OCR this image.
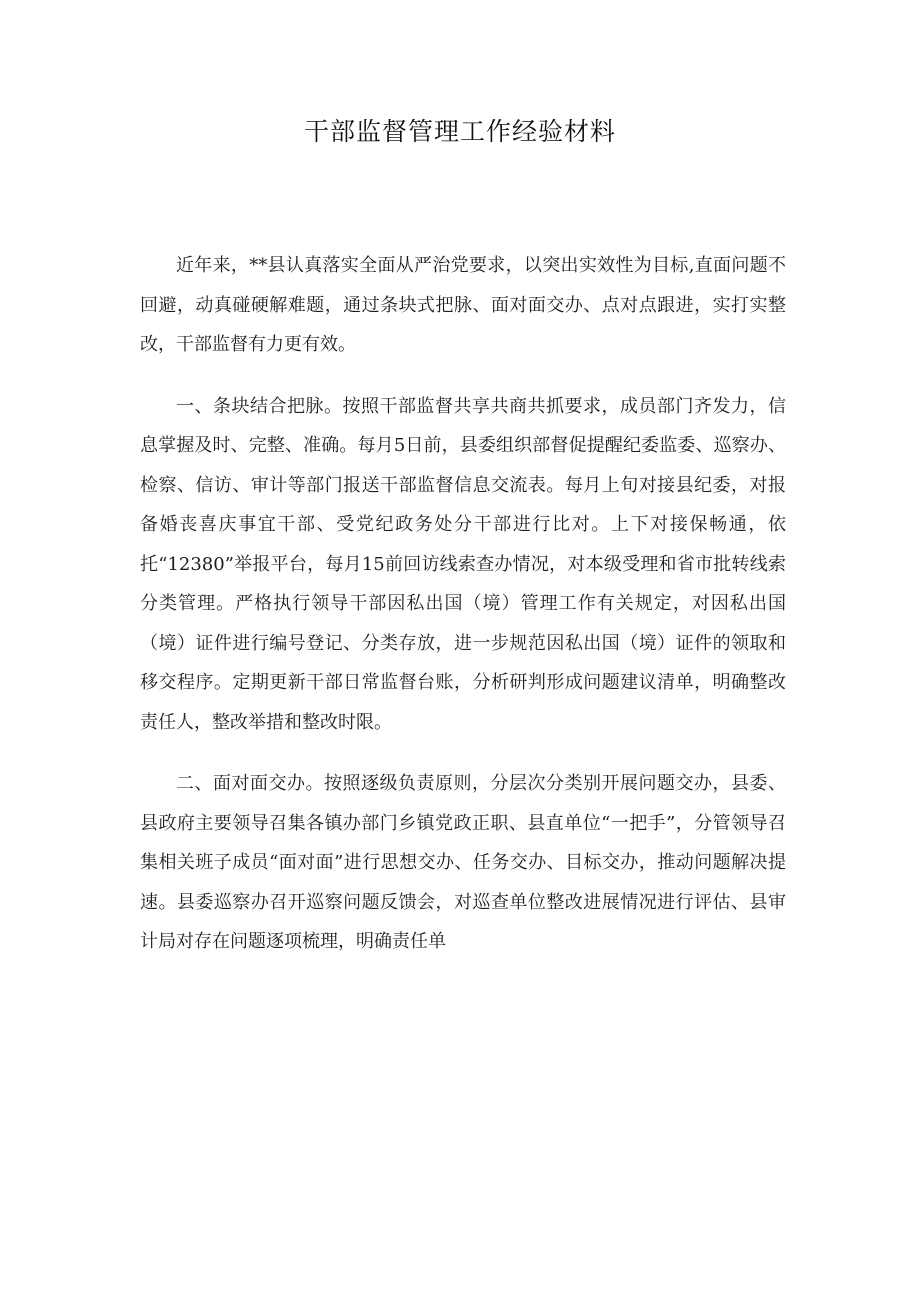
干部监督管理工作经验材料

近年来，**县认真落实全面从严治党要求，以突出实效性为目标,直面问题不回避，动真碰硬解难题，通过条块式把脉、面对面交办、点对点跟进，实打实整改，干部监督有力更有效。

一、条块结合把脉。按照干部监督共享共商共抓要求，成员部门齐发力，信息掌握及时、完整、准确。每月5日前，县委组织部督促提醒纪委监委、巡察办、检察、信访、审计等部门报送干部监督信息交流表。每月上旬对接县纪委，对报备婚丧喜庆事宜干部、受党纪政务处分干部进行比对。上下对接保畅通，依托“12380”举报平台，每月15前回访线索查办情况，对本级受理和省市批转线索分类管理。严格执行领导干部因私出国（境）管理工作有关规定，对因私出国（境）证件进行编号登记、分类存放，进一步规范因私出国（境）证件的领取和移交程序。定期更新干部日常监督台账，分析研判形成问题建议清单，明确整改责任人，整改举措和整改时限。

二、面对面交办。按照逐级负责原则，分层次分类别开展问题交办，县委、县政府主要领导召集各镇办部门乡镇党政正职、县直单位“一把手”，分管领导召集相关班子成员“面对面”进行思想交办、任务交办、目标交办，推动问题解决提速。县委巡察办召开巡察问题反馈会，对巡查单位整改进展情况进行评估、县审计局对存在问题逐项梳理，明确责任单
